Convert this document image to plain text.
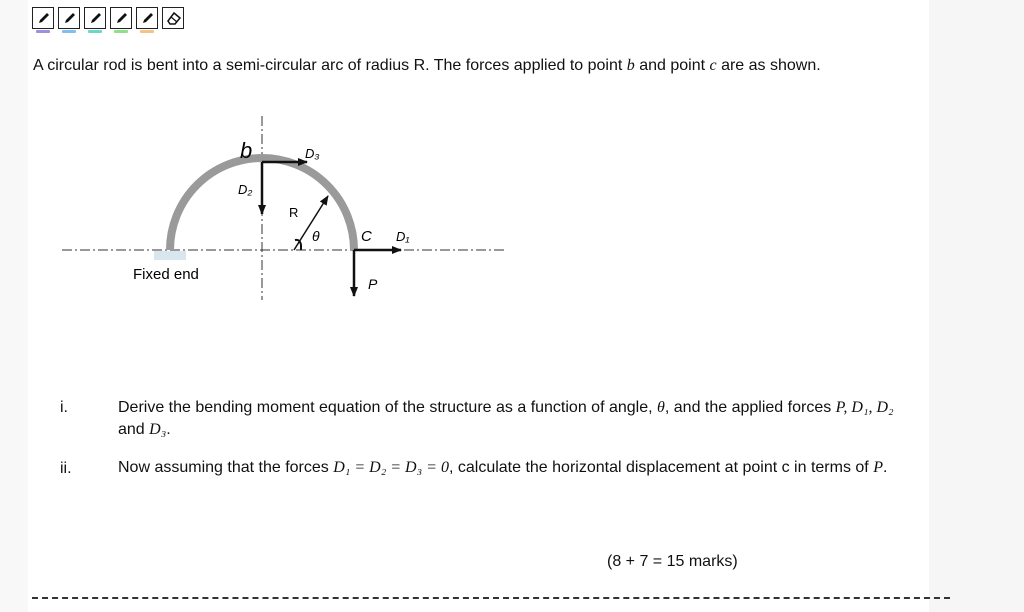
A circular rod is bent into a semi-circular arc of radius R. The forces applied to point b and point c are as shown.
b	D₃
D₂
R
θ	C D₁
P
Fixed end
i.	Derive the bending moment equation of the structure as a function of angle, θ, and the applied forces P, D₁, D₂ and D₃.
ii.	Now assuming that the forces D₁ = D₂ = D₃ = 0, calculate the horizontal displacement at point c in terms of P.
(8 + 7 = 15 marks)
